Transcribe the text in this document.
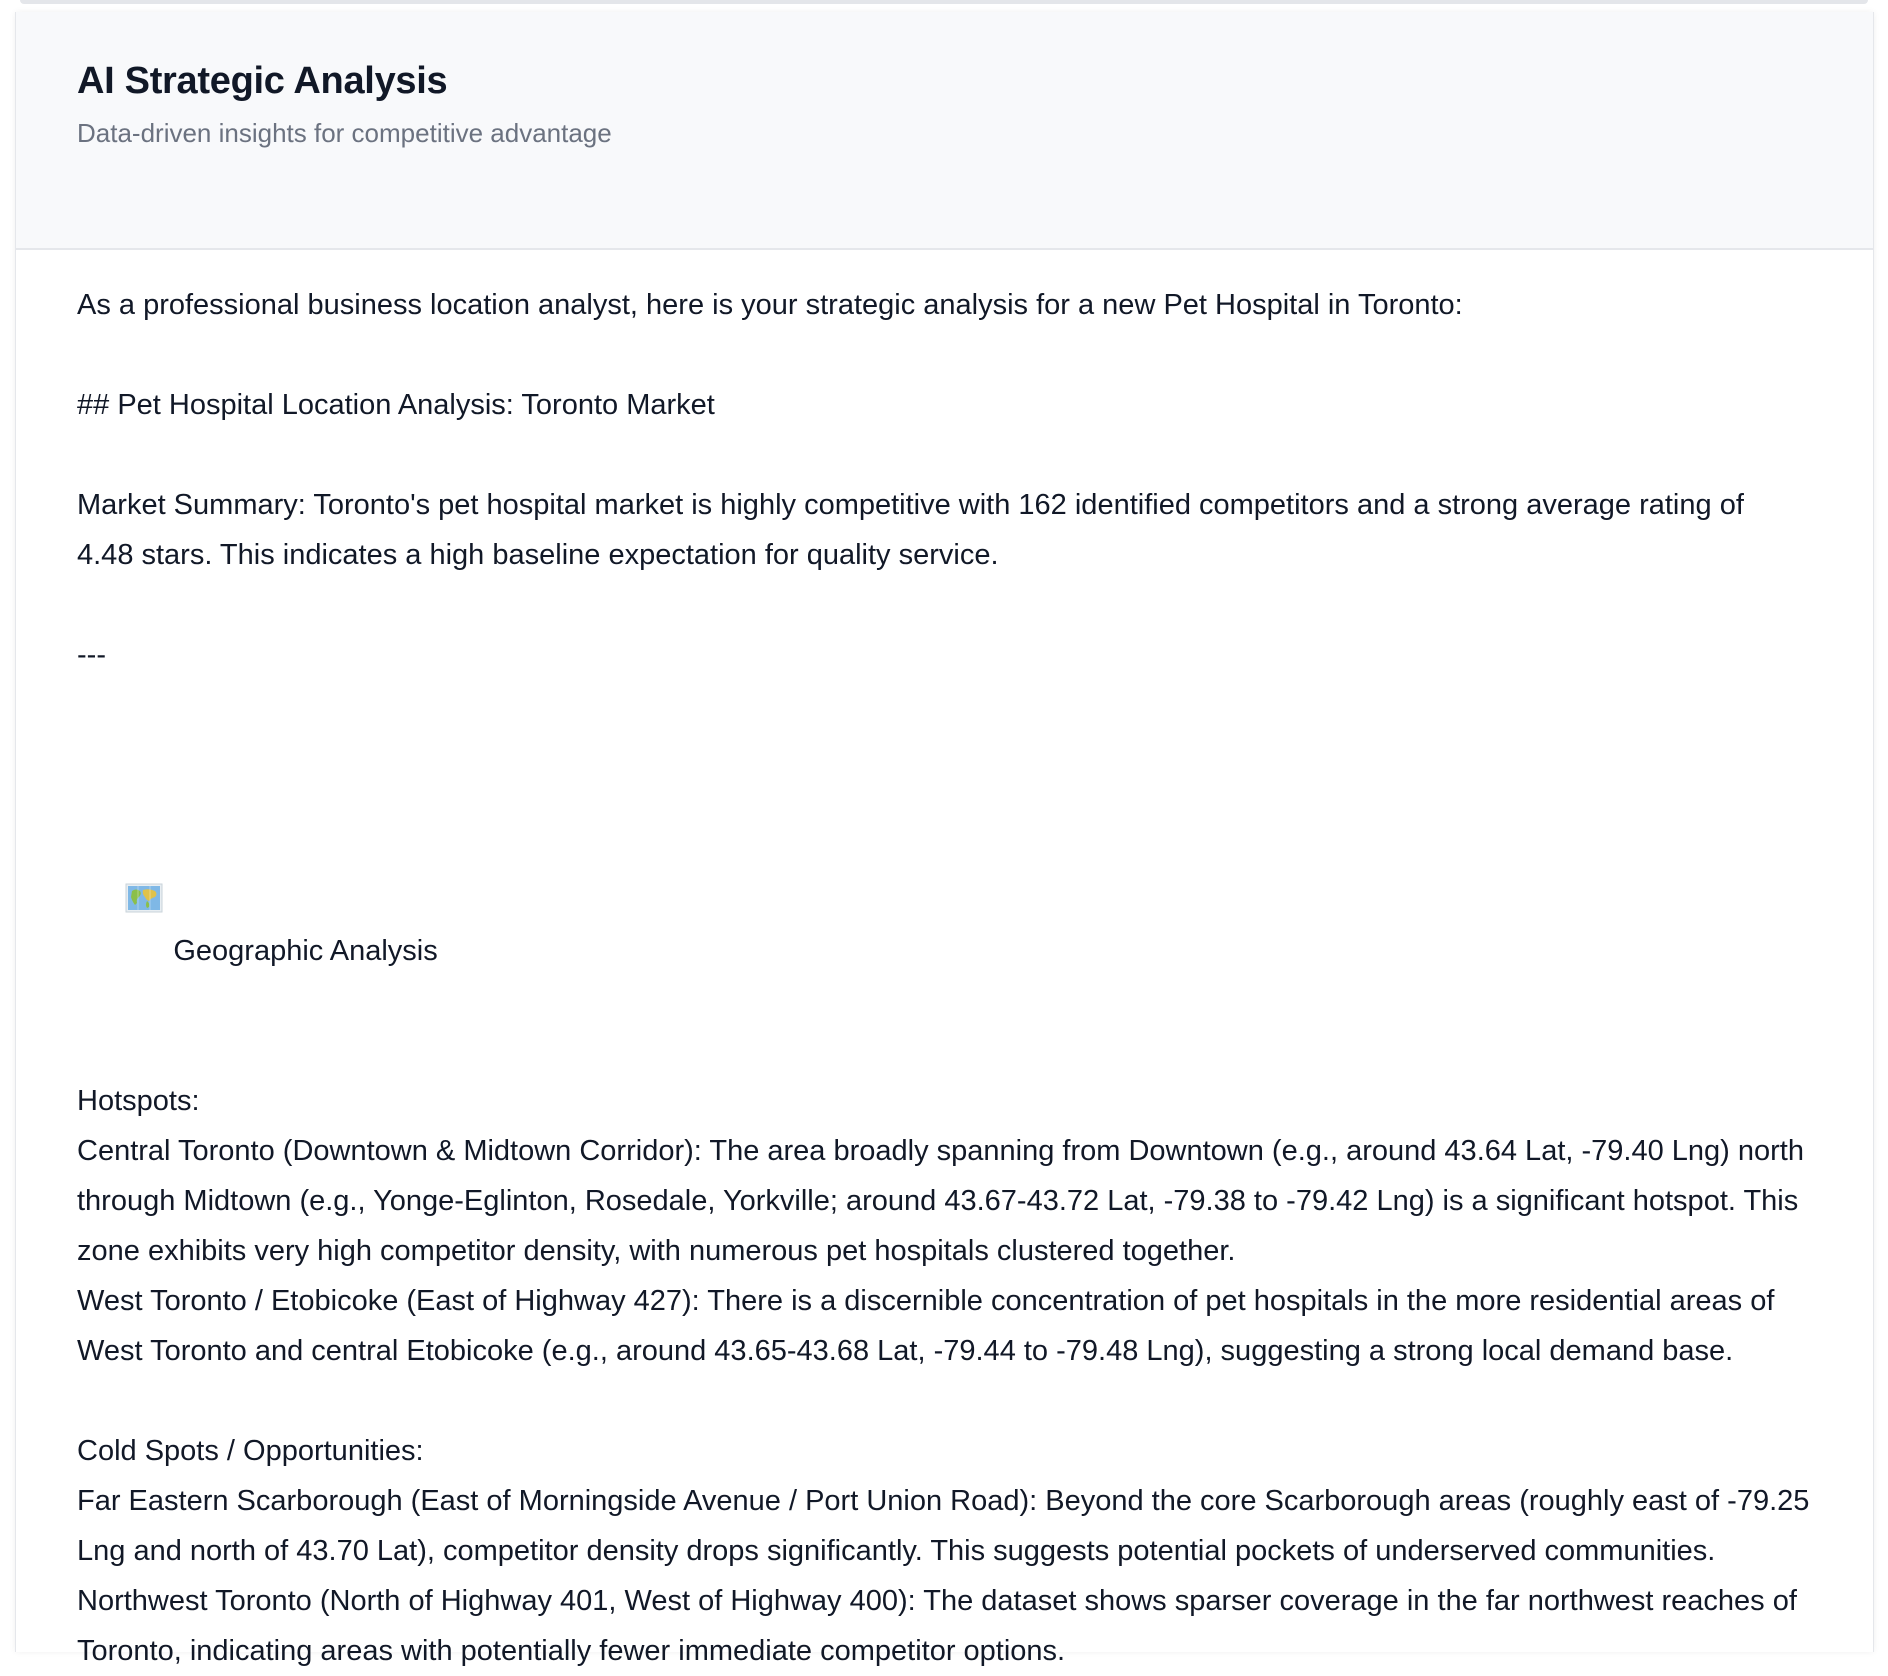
AI Strategic Analysis

Data-driven insights for competitive advantage

As a professional business location analyst, here is your strategic analysis for a new Pet Hospital in Toronto:

## Pet Hospital Location Analysis: Toronto Market

Market Summary: Toronto's pet hospital market is highly competitive with 162 identified competitors and a strong average rating of 4.48 stars. This indicates a high baseline expectation for quality service.

---

Geographic Analysis

Hotspots:

Central Toronto (Downtown & Midtown Corridor): The area broadly spanning from Downtown (e.g., around 43.64 Lat, -79.40 Lng) north through Midtown (e.g., Yonge-Eglinton, Rosedale, Yorkville; around 43.67-43.72 Lat, -79.38 to -79.42 Lng) is a significant hotspot. This zone exhibits very high competitor density, with numerous pet hospitals clustered together.

West Toronto / Etobicoke (East of Highway 427): There is a discernible concentration of pet hospitals in the more residential areas of West Toronto and central Etobicoke (e.g., around 43.65-43.68 Lat, -79.44 to -79.48 Lng), suggesting a strong local demand base.

Cold Spots / Opportunities:

Far Eastern Scarborough (East of Morningside Avenue / Port Union Road): Beyond the core Scarborough areas (roughly east of -79.25 Lng and north of 43.70 Lat), competitor density drops significantly. This suggests potential pockets of underserved communities.

Northwest Toronto (North of Highway 401, West of Highway 400): The dataset shows sparser coverage in the far northwest reaches of Toronto, indicating areas with potentially fewer immediate competitor options.
